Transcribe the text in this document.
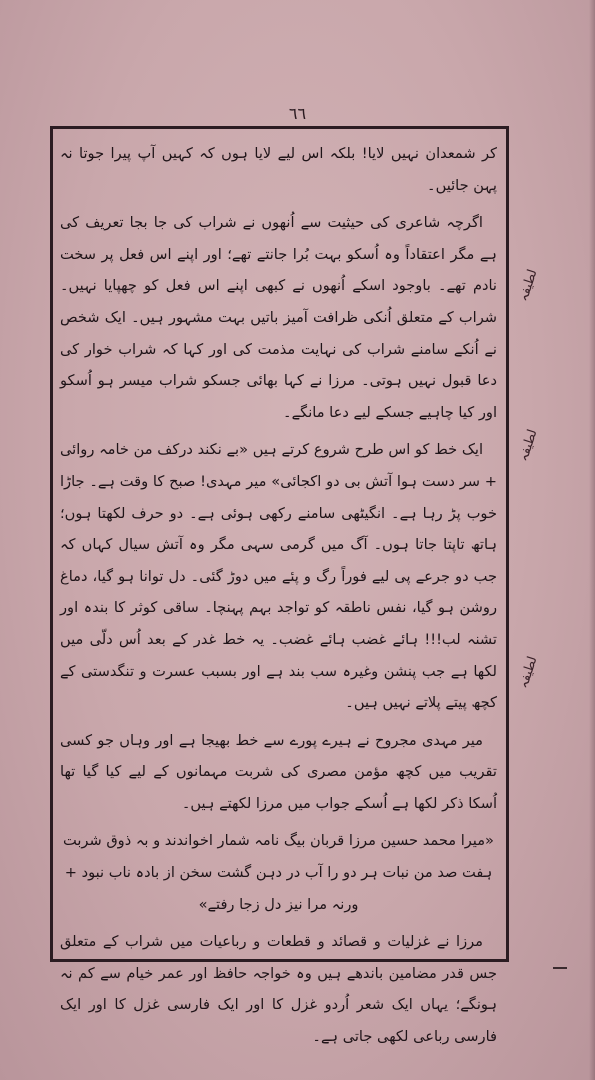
٦٦

کر شمعدان نہیں لایا! بلکہ اس لیے لایا ہوں کہ کہیں آپ پیرا جوتا نہ پہن جائیں۔

اگرچہ شاعری کی حیثیت سے اُنھوں نے شراب کی جا بجا تعریف کی ہے مگر اعتقاداً وہ اُسکو بہت بُرا جانتے تھے؛ اور اپنے اس فعل پر سخت نادم تھے۔ باوجود اسکے اُنھوں نے کبھی اپنے اس فعل کو چھپایا نہیں۔ شراب کے متعلق اُنکی ظرافت آمیز باتیں بہت مشہور ہیں۔ ایک شخص نے اُنکے سامنے شراب کی نہایت مذمت کی اور کہا کہ شراب خوار کی دعا قبول نہیں ہوتی۔ مرزا نے کہا بھائی جسکو شراب میسر ہو اُسکو اور کیا چاہیے جسکے لیے دعا مانگے۔

ایک خط کو اس طرح شروع کرتے ہیں «بے نکند درکف من خامہ روائی + سر دست ہوا آتش بی دو اکجائی» میر مہدی! صبح کا وقت ہے۔ جاڑا خوب پڑ رہا ہے۔ انگیٹھی سامنے رکھی ہوئی ہے۔ دو حرف لکھتا ہوں؛ ہاتھ تاپتا جاتا ہوں۔ آگ میں گرمی سہی مگر وہ آتش سیال کہاں کہ جب دو جرعے پی لیے فوراً رگ و پئے میں دوڑ گئی۔ دل توانا ہو گیا، دماغ روشن ہو گیا، نفس ناطقہ کو تواجد بہم پہنچا۔ ساقی کوثر کا بندہ اور تشنہ لب!!! ہائے غضب ہائے غضب۔ یہ خط غدر کے بعد اُس دلّی میں لکھا ہے جب پنشن وغیرہ سب بند ہے اور بسبب عسرت و تنگدستی کے کچھ پیتے پلاتے نہیں ہیں۔

میر مہدی مجروح نے ہیرے پورے سے خط بھیجا ہے اور وہاں جو کسی تقریب میں کچھ مؤمن مصری کی شربت مہمانوں کے لیے کیا گیا تھا اُسکا ذکر لکھا ہے اُسکے جواب میں مرزا لکھتے ہیں۔

«میرا محمد حسین مرزا قربان بیگ نامہ شمار اخواندند و بہ ذوق شربت ہفت صد من نبات ہر دو را آب در دہن گشت سخن از بادہ ناب نبود + ورنہ مرا نیز دل زجا رفتے»

مرزا نے غزلیات و قصائد و قطعات و رباعیات میں شراب کے متعلق جس قدر مضامین باندھے ہیں وہ خواجہ حافظ اور عمر خیام سے کم نہ ہونگے؛ یہاں ایک شعر اُردو غزل کا اور ایک فارسی غزل کا اور ایک فارسی رباعی لکھی جاتی ہے۔

لطیفہ
لطیفہ
لطیفہ
